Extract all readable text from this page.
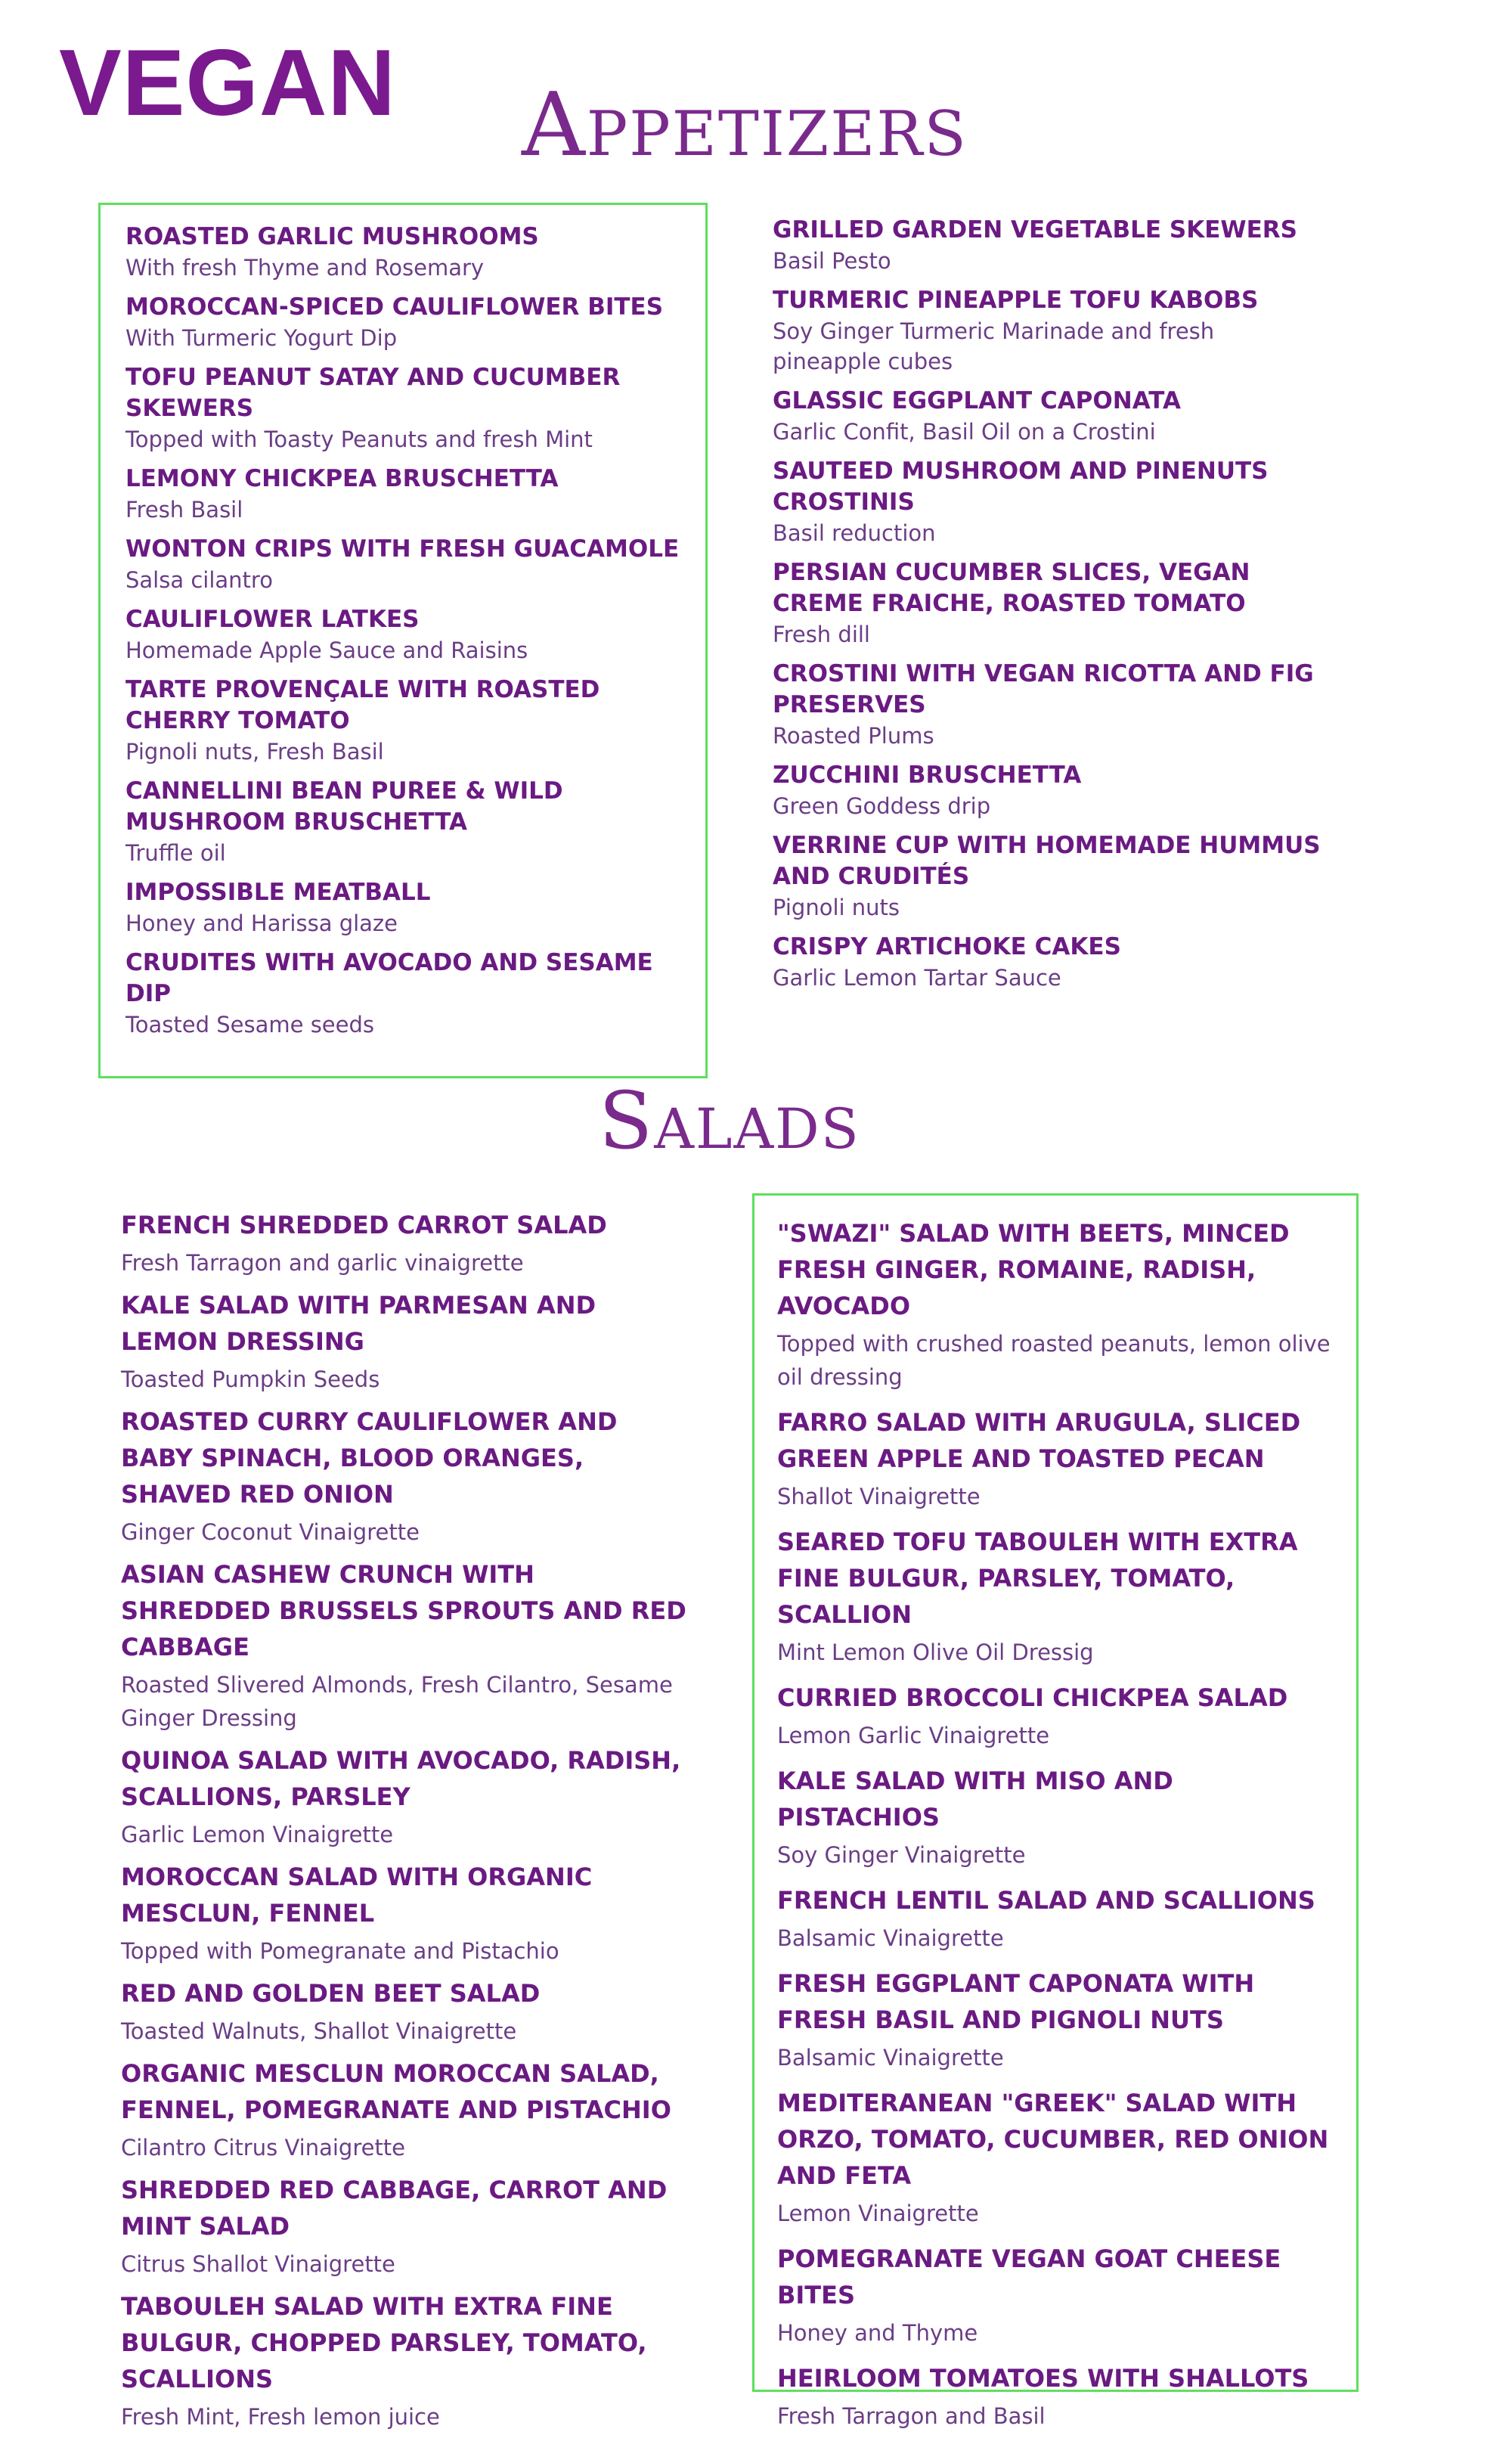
VEGAN Appetizers
ROASTED GARLIC MUSHROOMS
With fresh Thyme and Rosemary
MOROCCAN-SPICED CAULIFLOWER BITES
With Turmeric Yogurt Dip
TOFU PEANUT SATAY AND CUCUMBER SKEWERS
Topped with Toasty Peanuts and fresh Mint
LEMONY CHICKPEA BRUSCHETTA
Fresh Basil
WONTON CRIPS WITH FRESH GUACAMOLE
Salsa cilantro
CAULIFLOWER LATKES
Homemade Apple Sauce and Raisins
TARTE PROVENÇALE WITH ROASTED CHERRY TOMATO
Pignoli nuts, Fresh Basil
CANNELLINI BEAN PUREE & WILD MUSHROOM BRUSCHETTA
Truffle oil
IMPOSSIBLE MEATBALL
Honey and Harissa glaze
CRUDITES WITH AVOCADO AND SESAME DIP
Toasted Sesame seeds
GRILLED GARDEN VEGETABLE SKEWERS
Basil Pesto
TURMERIC PINEAPPLE TOFU KABOBS
Soy Ginger Turmeric Marinade and fresh pineapple cubes
GLASSIC EGGPLANT CAPONATA
Garlic Confit, Basil Oil on a Crostini
SAUTEED MUSHROOM AND PINENUTS CROSTINIS
Basil reduction
PERSIAN CUCUMBER SLICES, VEGAN CREME FRAICHE, ROASTED TOMATO
Fresh dill
CROSTINI WITH VEGAN RICOTTA AND FIG PRESERVES
Roasted Plums
ZUCCHINI BRUSCHETTA
Green Goddess drip
VERRINE CUP WITH HOMEMADE HUMMUS AND CRUDITÉS
Pignoli nuts
CRISPY ARTICHOKE CAKES
Garlic Lemon Tartar Sauce
Salads
FRENCH SHREDDED CARROT SALAD
Fresh Tarragon and garlic vinaigrette
KALE SALAD WITH PARMESAN AND LEMON DRESSING
Toasted Pumpkin Seeds
ROASTED CURRY CAULIFLOWER AND BABY SPINACH, BLOOD ORANGES, SHAVED RED ONION
Ginger Coconut Vinaigrette
ASIAN CASHEW CRUNCH WITH SHREDDED BRUSSELS SPROUTS AND RED CABBAGE
Roasted Slivered Almonds, Fresh Cilantro, Sesame Ginger Dressing
QUINOA SALAD WITH AVOCADO, RADISH, SCALLIONS, PARSLEY
Garlic Lemon Vinaigrette
MOROCCAN SALAD WITH ORGANIC MESCLUN, FENNEL
Topped with Pomegranate and Pistachio
RED AND GOLDEN BEET SALAD
Toasted Walnuts, Shallot Vinaigrette
ORGANIC MESCLUN MOROCCAN SALAD, FENNEL, POMEGRANATE AND PISTACHIO
Cilantro Citrus Vinaigrette
SHREDDED RED CABBAGE, CARROT AND MINT SALAD
Citrus Shallot Vinaigrette
TABOULEH SALAD WITH EXTRA FINE BULGUR, CHOPPED PARSLEY, TOMATO, SCALLIONS
Fresh Mint, Fresh lemon juice
"SWAZI" SALAD WITH BEETS, MINCED FRESH GINGER, ROMAINE, RADISH, AVOCADO
Topped with crushed roasted peanuts, lemon olive oil dressing
FARRO SALAD WITH ARUGULA, SLICED GREEN APPLE AND TOASTED PECAN
Shallot Vinaigrette
SEARED TOFU TABOULEH WITH EXTRA FINE BULGUR, PARSLEY, TOMATO, SCALLION
Mint Lemon Olive Oil Dressig
CURRIED BROCCOLI CHICKPEA SALAD
Lemon Garlic Vinaigrette
KALE SALAD WITH MISO AND PISTACHIOS
Soy Ginger Vinaigrette
FRENCH LENTIL SALAD AND SCALLIONS
Balsamic Vinaigrette
FRESH EGGPLANT CAPONATA WITH FRESH BASIL AND PIGNOLI NUTS
Balsamic Vinaigrette
MEDITERANEAN "GREEK" SALAD WITH ORZO, TOMATO, CUCUMBER, RED ONION AND FETA
Lemon Vinaigrette
POMEGRANATE VEGAN GOAT CHEESE BITES
Honey and Thyme
HEIRLOOM TOMATOES WITH SHALLOTS
Fresh Tarragon and Basil
